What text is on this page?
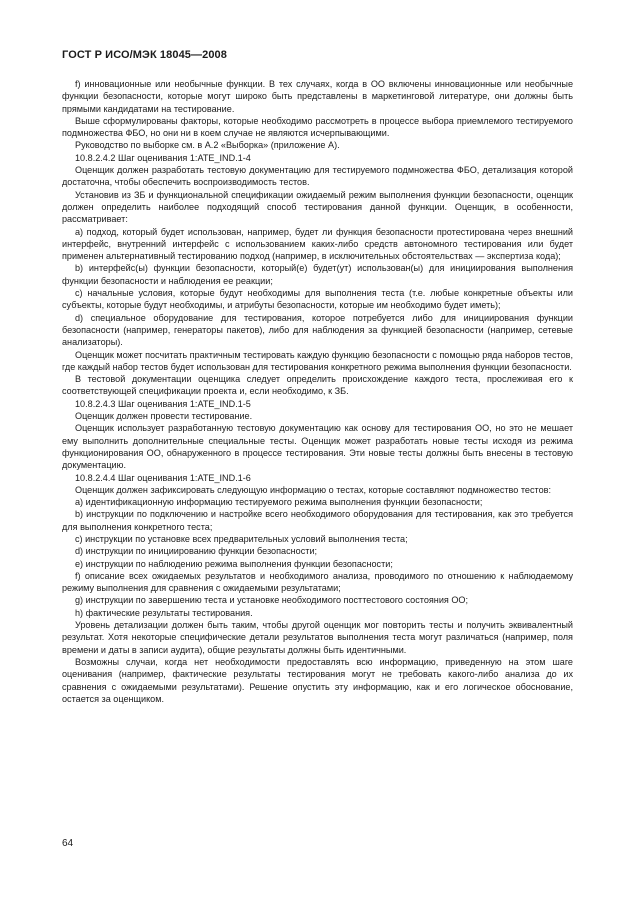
ГОСТ Р ИСО/МЭК 18045—2008

f) инновационные или необычные функции. В тех случаях, когда в ОО включены инновационные или необычные функции безопасности, которые могут широко быть представлены в маркетинговой литературе, они должны быть прямыми кандидатами на тестирование.

Выше сформулированы факторы, которые необходимо рассмотреть в процессе выбора приемлемого тестируемого подмножества ФБО, но они ни в коем случае не являются исчерпывающими.

Руководство по выборке см. в А.2 «Выборка» (приложение А).

10.8.2.4.2 Шаг оценивания 1:ATE_IND.1-4

Оценщик должен разработать тестовую документацию для тестируемого подмножества ФБО, детализация которой достаточна, чтобы обеспечить воспроизводимость тестов.

Установив из ЗБ и функциональной спецификации ожидаемый режим выполнения функции безопасности, оценщик должен определить наиболее подходящий способ тестирования данной функции. Оценщик, в особенности, рассматривает:

a) подход, который будет использован, например, будет ли функция безопасности протестирована через внешний интерфейс, внутренний интерфейс с использованием каких-либо средств автономного тестирования или будет применен альтернативный тестированию подход (например, в исключительных обстоятельствах — экспертиза кода);

b) интерфейс(ы) функции безопасности, который(е) будет(ут) использован(ы) для инициирования выполнения функции безопасности и наблюдения ее реакции;

c) начальные условия, которые будут необходимы для выполнения теста (т.е. любые конкретные объекты или субъекты, которые будут необходимы, и атрибуты безопасности, которые им необходимо будет иметь);

d) специальное оборудование для тестирования, которое потребуется либо для инициирования функции безопасности (например, генераторы пакетов), либо для наблюдения за функцией безопасности (например, сетевые анализаторы).

Оценщик может посчитать практичным тестировать каждую функцию безопасности с помощью ряда наборов тестов, где каждый набор тестов будет использован для тестирования конкретного режима выполнения функции безопасности.

В тестовой документации оценщика следует определить происхождение каждого теста, прослеживая его к соответствующей спецификации проекта и, если необходимо, к ЗБ.

10.8.2.4.3 Шаг оценивания 1:ATE_IND.1-5

Оценщик должен провести тестирование.

Оценщик использует разработанную тестовую документацию как основу для тестирования ОО, но это не мешает ему выполнить дополнительные специальные тесты. Оценщик может разработать новые тесты исходя из режима функционирования ОО, обнаруженного в процессе тестирования. Эти новые тесты должны быть внесены в тестовую документацию.

10.8.2.4.4 Шаг оценивания 1:ATE_IND.1-6

Оценщик должен зафиксировать следующую информацию о тестах, которые составляют подмножество тестов:

a) идентификационную информацию тестируемого режима выполнения функции безопасности;

b) инструкции по подключению и настройке всего необходимого оборудования для тестирования, как это требуется для выполнения конкретного теста;

c) инструкции по установке всех предварительных условий выполнения теста;

d) инструкции по инициированию функции безопасности;

e) инструкции по наблюдению режима выполнения функции безопасности;

f) описание всех ожидаемых результатов и необходимого анализа, проводимого по отношению к наблюдаемому режиму выполнения для сравнения с ожидаемыми результатами;

g) инструкции по завершению теста и установке необходимого посттестового состояния ОО;

h) фактические результаты тестирования.

Уровень детализации должен быть таким, чтобы другой оценщик мог повторить тесты и получить эквивалентный результат. Хотя некоторые специфические детали результатов выполнения теста могут различаться (например, поля времени и даты в записи аудита), общие результаты должны быть идентичными.

Возможны случаи, когда нет необходимости предоставлять всю информацию, приведенную на этом шаге оценивания (например, фактические результаты тестирования могут не требовать какого-либо анализа до их сравнения с ожидаемыми результатами). Решение опустить эту информацию, как и его логическое обоснование, остается за оценщиком.

64
